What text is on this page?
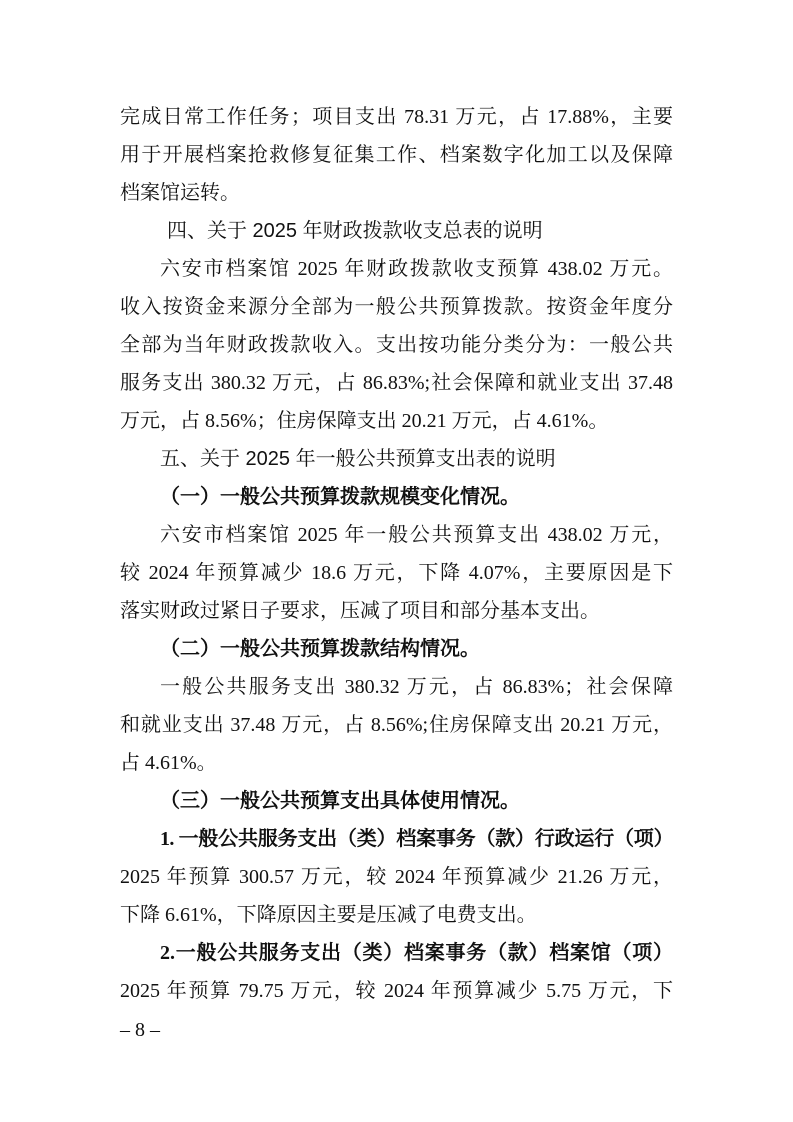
完成日常工作任务；项目支出 78.31 万元，占 17.88%，主要
用于开展档案抢救修复征集工作、档案数字化加工以及保障
档案馆运转。
四、关于 2025 年财政拨款收支总表的说明
六安市档案馆 2025 年财政拨款收支预算 438.02 万元。
收入按资金来源分全部为一般公共预算拨款。按资金年度分
全部为当年财政拨款收入。支出按功能分类分为：一般公共
服务支出 380.32 万元，占 86.83%;社会保障和就业支出 37.48
万元，占 8.56%；住房保障支出 20.21 万元，占 4.61%。
五、关于 2025 年一般公共预算支出表的说明
（一）一般公共预算拨款规模变化情况。
六安市档案馆 2025 年一般公共预算支出 438.02 万元，
较 2024 年预算减少 18.6 万元，下降 4.07%，主要原因是下
落实财政过紧日子要求，压减了项目和部分基本支出。
（二）一般公共预算拨款结构情况。
一般公共服务支出 380.32 万元，占 86.83%；社会保障
和就业支出 37.48 万元，占 8.56%;住房保障支出 20.21 万元，
占 4.61%。
（三）一般公共预算支出具体使用情况。
1. 一般公共服务支出（类）档案事务（款）行政运行（项）
2025 年预算 300.57 万元，较 2024 年预算减少 21.26 万元，
下降 6.61%，下降原因主要是压减了电费支出。
2.一般公共服务支出（类）档案事务（款）档案馆（项）
2025 年预算 79.75 万元，较 2024 年预算减少 5.75 万元，下
– 8 –
